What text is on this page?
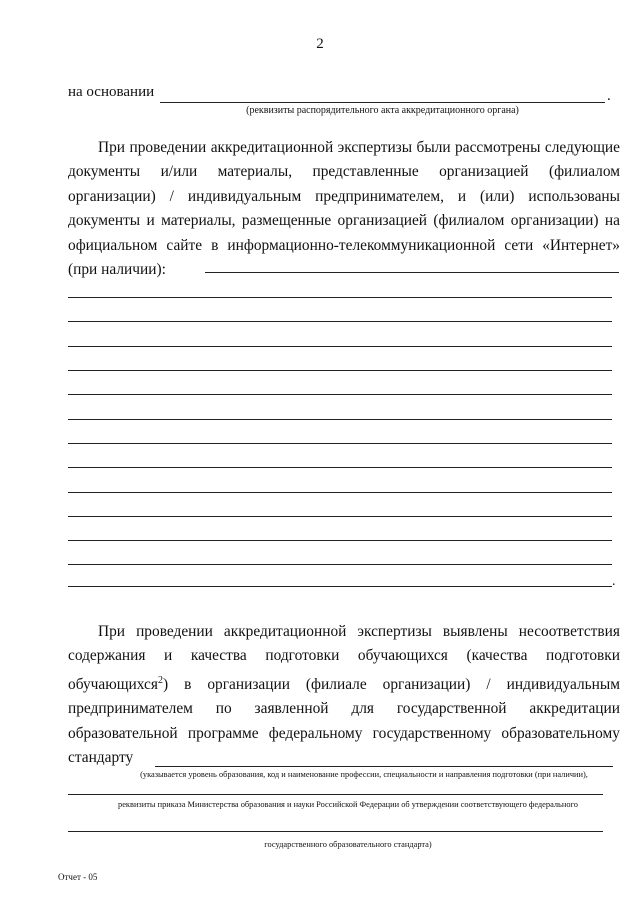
2
на основании	.
(реквизиты распорядительного акта аккредитационного органа)

При проведении аккредитационной экспертизы были рассмотрены следующие документы и/или материалы, представленные организацией (филиалом организации) / индивидуальным предпринимателем, и (или) использованы документы и материалы, размещенные организацией (филиалом организации) на официальном сайте в информационно-телекоммуникационной сети «Интернет» (при наличии):

.

При проведении аккредитационной экспертизы выявлены несоответствия содержания и качества подготовки обучающихся (качества подготовки обучающихся$^2$) в организации (филиале организации) / индивидуальным предпринимателем по заявленной для государственной аккредитации образовательной программе федеральному государственному образовательному стандарту

(указывается уровень образования, код и наименование профессии, специальности и направления подготовки (при наличии),
реквизиты приказа Министерства образования и науки Российской Федерации об утверждении соответствующего федерального
государственного образовательного стандарта)
Отчет - 05
